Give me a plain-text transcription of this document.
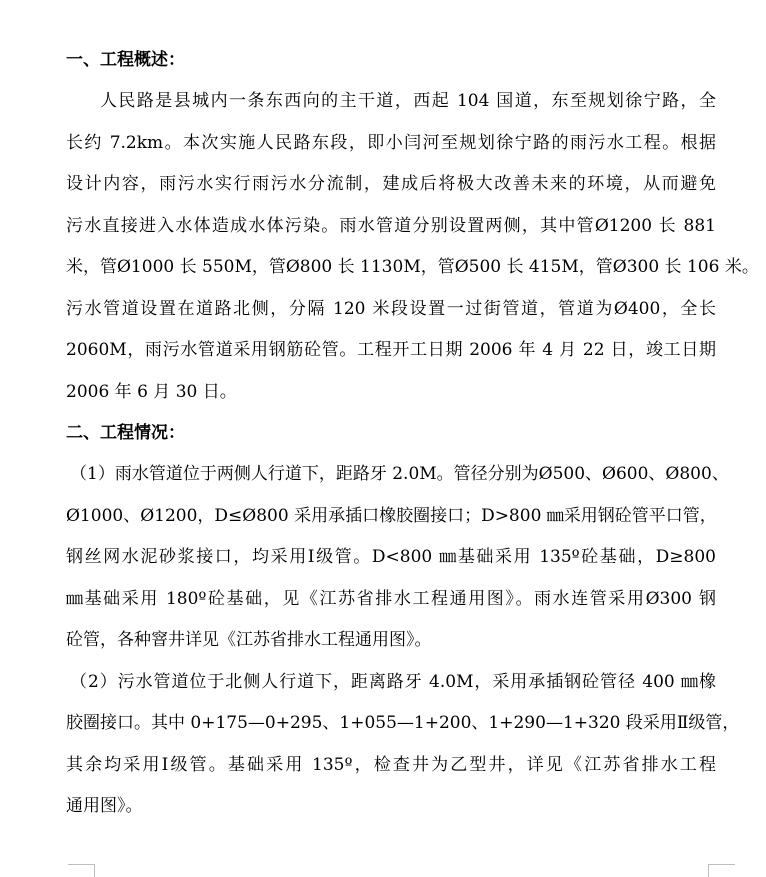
一、工程概述：

人民路是县城内一条东西向的主干道，西起 104 国道，东至规划徐宁路，全
长约 7.2km。本次实施人民路东段，即小闫河至规划徐宁路的雨污水工程。根据
设计内容，雨污水实行雨污水分流制，建成后将极大改善未来的环境，从而避免
污水直接进入水体造成水体污染。雨水管道分别设置两侧，其中管Ø1200 长 881
米，管Ø1000 长 550M，管Ø800 长 1130M，管Ø500 长 415M，管Ø300 长 106 米。
污水管道设置在道路北侧，分隔 120 米段设置一过街管道，管道为Ø400，全长
2060M，雨污水管道采用钢筋砼管。工程开工日期 2006 年 4 月 22 日，竣工日期
2006 年 6 月 30 日。

二、工程情况：

（1）雨水管道位于两侧人行道下，距路牙 2.0M。管径分别为Ø500、Ø600、Ø800、
Ø1000、Ø1200，D≤Ø800 采用承插口橡胶圈接口；D>800 ㎜采用钢砼管平口管，
钢丝网水泥砂浆接口，均采用Ⅰ级管。D<800 ㎜基础采用 135º砼基础，D≥800
㎜基础采用 180º砼基础，见《江苏省排水工程通用图》。雨水连管采用Ø300 钢
砼管，各种窨井详见《江苏省排水工程通用图》。

（2）污水管道位于北侧人行道下，距离路牙 4.0M，采用承插钢砼管径 400 ㎜橡
胶圈接口。其中 0+175—0+295、1+055—1+200、1+290—1+320 段采用Ⅱ级管，
其余均采用Ⅰ级管。基础采用 135º，检查井为乙型井，详见《江苏省排水工程
通用图》。
